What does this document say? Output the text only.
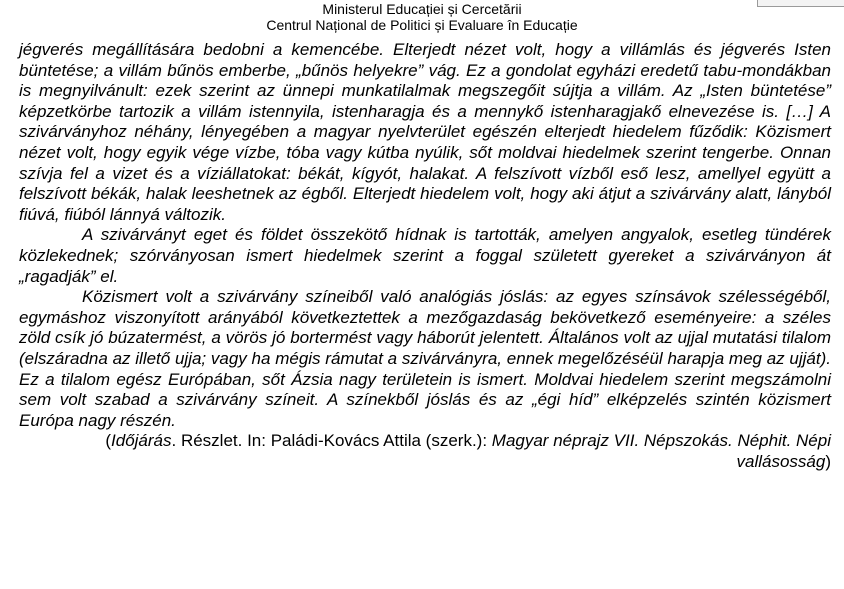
Ministerul Educației și Cercetării
Centrul Național de Politici și Evaluare în Educație

jégverés megállítására bedobni a kemencébe. Elterjedt nézet volt, hogy a villámlás és jégverés Isten büntetése; a villám bűnös emberbe, „bűnös helyekre” vág. Ez a gondolat egyházi eredetű tabu-mondákban is megnyilvánult: ezek szerint az ünnepi munkatilalmak megszegőit sújtja a villám. Az „Isten büntetése” képzetkörbe tartozik a villám istennyila, istenharagja és a mennykő istenharagjakő elnevezése is. […] A szivárványhoz néhány, lényegében a magyar nyelvterület egészén elterjedt hiedelem fűződik: Közismert nézet volt, hogy egyik vége vízbe, tóba vagy kútba nyúlik, sőt moldvai hiedelmek szerint tengerbe. Onnan szívja fel a vizet és a víziállatokat: békát, kígyót, halakat. A felszívott vízből eső lesz, amellyel együtt a felszívott békák, halak leeshetnek az égből. Elterjedt hiedelem volt, hogy aki átjut a szivárvány alatt, lányból fiúvá, fiúból lánnyá változik.

A szivárványt eget és földet összekötő hídnak is tartották, amelyen angyalok, esetleg tündérek közlekednek; szórványosan ismert hiedelmek szerint a foggal született gyereket a szivárványon át „ragadják” el.

Közismert volt a szivárvány színeiből való analógiás jóslás: az egyes színsávok szélességéből, egymáshoz viszonyított arányából következtettek a mezőgazdaság bekövetkező eseményeire: a széles zöld csík jó búzatermést, a vörös jó bortermést vagy háborút jelentett. Általános volt az ujjal mutatási tilalom (elszáradna az illető ujja; vagy ha mégis rámutat a szivárványra, ennek megelőzéséül harapja meg az ujját). Ez a tilalom egész Európában, sőt Ázsia nagy területein is ismert. Moldvai hiedelem szerint megszámolni sem volt szabad a szivárvány színeit. A színekből jóslás és az „égi híd” elképzelés szintén közismert Európa nagy részén.

(Időjárás. Részlet. In: Paládi-Kovács Attila (szerk.): Magyar néprajz VII. Népszokás. Néphit. Népi vallásosság)
